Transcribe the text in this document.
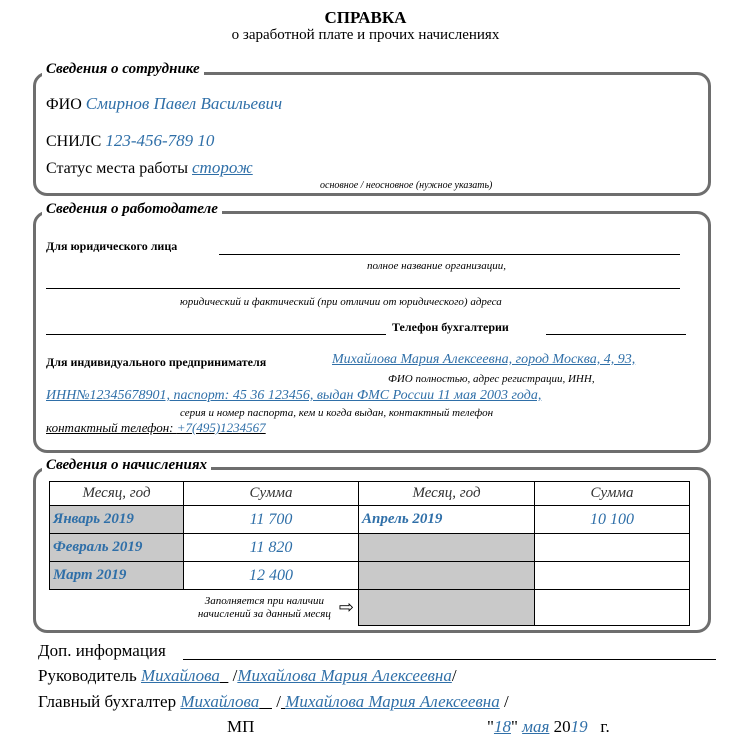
СПРАВКА
о заработной плате и прочих начислениях
Сведения о сотруднике
ФИО Смирнов Павел Васильевич
СНИЛС 123-456-789 10
Статус места работы сторож
основное / неосновное (нужное указать)
Сведения о работодателе
Для юридического лица
полное название организации,
юридический и фактический (при отличии от юридического) адреса
Телефон бухгалтерии
Для индивидуального предпринимателя	Михайлова Мария Алексеевна, город Москва, 4, 93,
ФИО полностью, адрес регистрации, ИНН,
ИНН№12345678901, паспорт: 45 36 123456, выдан ФМС России 11 мая 2003 года,
серия и номер паспорта, кем и когда выдан, контактный телефон
контактный телефон: +7(495)1234567
Сведения о начислениях
Месяц, год	Сумма	Месяц, год	Сумма
Январь 2019	11 700	Апрель 2019	10 100
Февраль 2019	11 820		
Март 2019	12 400		

Заполняется при наличии
начислений за данный месяц ⇨			
Доп. информация
Руководитель Михайлова   /Михайлова Мария Алексеевна/
Главный бухгалтер Михайлова    / Михайлова Мария Алексеевна /
МП	"18" мая 2019 г.
